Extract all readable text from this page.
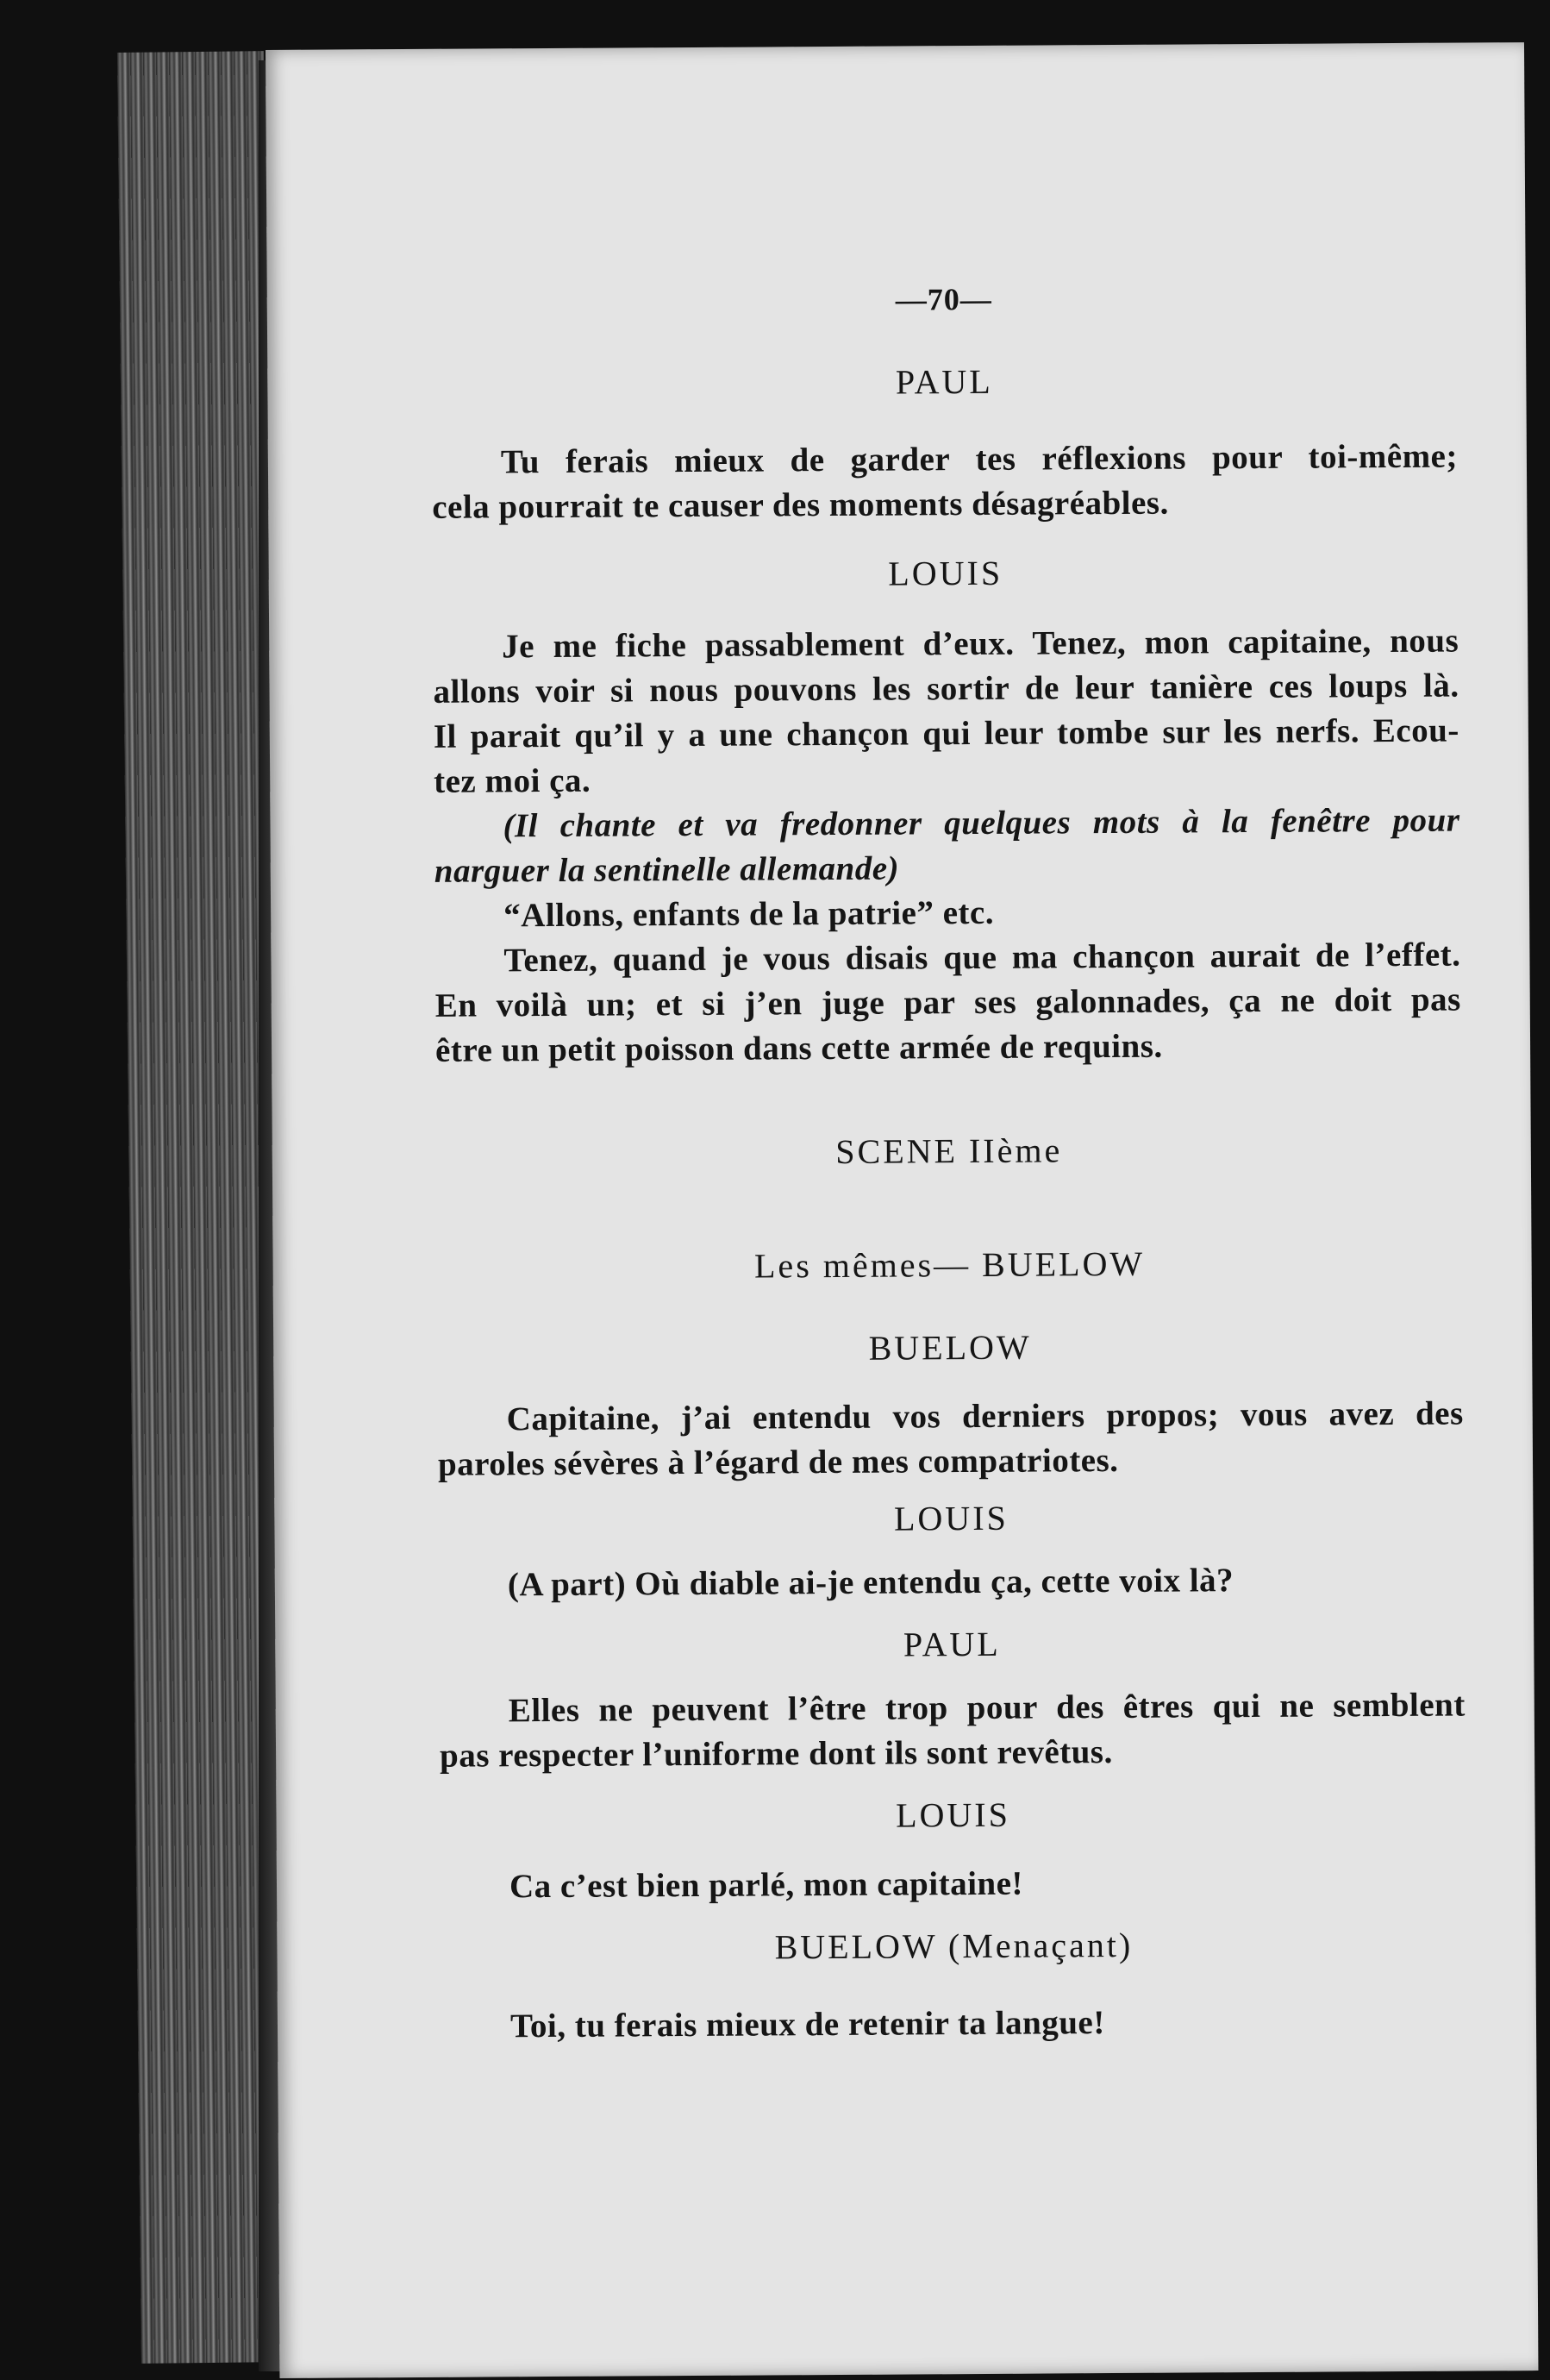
—70—
PAUL
Tu ferais mieux de garder tes réflexions pour toi-même;
cela pourrait te causer des moments désagréables.
LOUIS
Je me fiche passablement d’eux. Tenez, mon capitaine, nous
allons voir si nous pouvons les sortir de leur tanière ces loups là.
Il parait qu’il y a une chançon qui leur tombe sur les nerfs. Ecou-
tez moi ça.
(Il chante et va fredonner quelques mots à la fenêtre pour
narguer la sentinelle allemande)
“Allons, enfants de la patrie” etc.
Tenez, quand je vous disais que ma chançon aurait de l’effet.
En voilà un; et si j’en juge par ses galonnades, ça ne doit pas
être un petit poisson dans cette armée de requins.
SCENE IIème
Les mêmes— BUELOW
BUELOW
Capitaine, j’ai entendu vos derniers propos; vous avez des
paroles sévères à l’égard de mes compatriotes.
LOUIS
(A part) Où diable ai-je entendu ça, cette voix là?
PAUL
Elles ne peuvent l’être trop pour des êtres qui ne semblent
pas respecter l’uniforme dont ils sont revêtus.
LOUIS
Ca c’est bien parlé, mon capitaine!
BUELOW (Menaçant)
Toi, tu ferais mieux de retenir ta langue!
